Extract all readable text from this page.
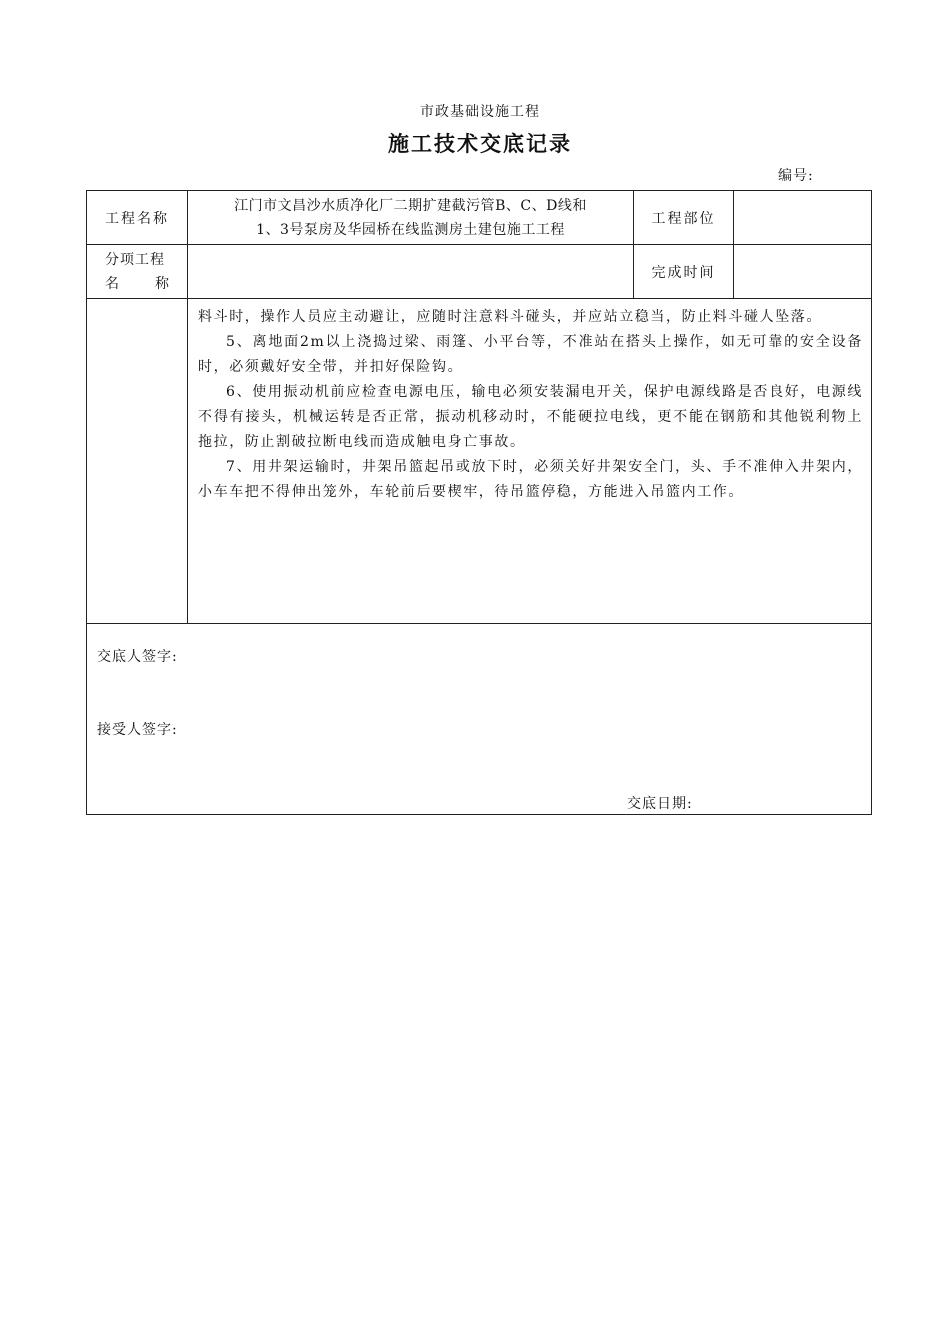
市政基础设施工程
施工技术交底记录
编号:
工程名称	江门市文昌沙水质净化厂二期扩建截污管B、C、D线和
1、3号泵房及华园桥在线监测房土建包施工工程	工程部位	

分项工程
名 称		完成时间	

	料斗时，操作人员应主动避让，应随时注意料斗碰头，并应站立稳当，防止料斗碰人坠落。

5、离地面2m以上浇捣过梁、雨篷、小平台等，不准站在搭头上操作，如无可靠的安全设备时，必须戴好安全带，并扣好保险钩。

6、使用振动机前应检查电源电压，输电必须安装漏电开关，保护电源线路是否良好，电源线不得有接头，机械运转是否正常，振动机移动时，不能硬拉电线，更不能在钢筋和其他锐利物上拖拉，防止割破拉断电线而造成触电身亡事故。

7、用井架运输时，井架吊篮起吊或放下时，必须关好井架安全门，头、手不准伸入井架内，小车车把不得伸出笼外，车轮前后要楔牢，待吊篮停稳，方能进入吊篮内工作。		

交底人签字:
接受人签字:
交底日期:			
